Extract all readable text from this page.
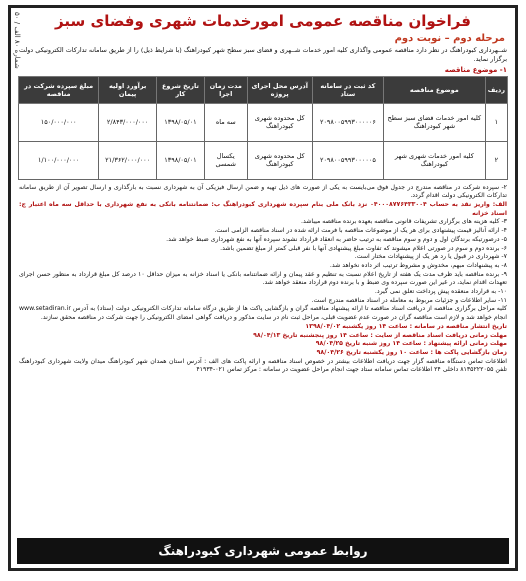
شماره ۸۰ الف / ۵۰
فراخوان مناقصه عمومی امورخدمات شهری وفضای سبز
مرحله دوم – نوبت دوم
شــهرداری کبودراهنگ در نظر دارد مناقصه عمومی واگذاری کلیه امور خدمات شــهری و فضای سبز سطح شهر کبودراهنگ (با شرایط ذیل) را از طریق سامانه تدارکات الکترونیکی دولت برگزار نماید.
۱- موضوع مناقصه
ردیف	موضوع مناقصه	کد ثبت در سامانه ستاد	آدرس محل اجرای پروژه	مدت زمان اجرا	تاریخ شروع کار	برآورد اولیه پیمان	مبلغ سپرده شرکت در مناقصه
۱	کلیه امور خدمات فضای سبز سطح شهر کبودراهنگ	۲۰۹۸۰۰۵۹۹۳۰۰۰۰۰۶	کل محدوده شهری کبودراهنگ	سه ماه	۱۳۹۸/۰۵/۰۱	۲/۸۴۳/۰۰۰/۰۰۰	۱۵۰/۰۰۰/۰۰۰
۲	کلیه امور خدمات شهری شهر کبودراهنگ	۲۰۹۸۰۰۵۹۹۳۰۰۰۰۰۵	کل محدوده شهری کبودراهنگ	یکسال شمسی	۱۳۹۸/۰۵/۰۱	۲۱/۳۶۲/۰۰۰/۰۰۰	۱/۱۰۰/۰۰۰/۰۰۰
۲- سپرده شرکت در مناقصه مندرج در جدول فوق می‌بایست به یکی از صورت های ذیل تهیه و ضمن ارسال فیزیکی آن به شهرداری نسبت به بارگذاری و ارسال تصویر آن از طریق سامانه تدارکات الکترونیکی دولت اقدام گردد.
الف: واریز نقد به حساب ۰۴۰۰۰۸۷۷۶۴۳۳۰۰۴ نزد بانک ملی بنام سپرده شهرداری کبودراهنگ ب: ضمانتنامه بانکی به نفع شهرداری با حداقل سه ماه اعتبار ج: اسناد خزانه
۳- کلیه هزینه های برگزاری تشریفات قانونی مناقصه بعهده برنده مناقصه میباشد.
۴- ارائه آنالیز قیمت پیشنهادی برای هر یک از موضوعات مناقصه با فرمت ارائه شده در اسناد مناقصه الزامی است.
۵- درصورتیکه برندگان اول و دوم و سوم مناقصه به ترتیب حاضر به انعقاد قرارداد نشوند سپرده آنها به نفع شهرداری ضبط خواهد شد.
۶- برنده دوم و سوم در صورتی اعلام میشوند که تفاوت مبلغ پیشنهادی آنها با نفر قبلی کمتر از مبلغ تضمین باشد.
۷- شهرداری در قبول یا رد هر یک از پیشنهادات مختار است.
۸- به پیشنهادات مبهم، مخدوش و مشروط ترتیب اثر داده نخواهد شد.
۹- برنده مناقصه باید ظرف مدت یک هفته از تاریخ اعلام نسبت به تنظیم و عقد پیمان و ارائه ضمانتنامه بانکی یا اسناد خزانه به میزان حداقل ۱۰ درصد کل مبلغ قرارداد به منظور حسن اجرای تعهدات اقدام نماید، در غیر این صورت سپرده وی ضبط و با برنده دوم قرارداد منعقد خواهد شد.
۱۰- به قرارداد منعقده پیش پرداخت تعلق نمی گیرد.
۱۱- سایر اطلاعات و جزئیات مربوط به معامله در اسناد مناقصه مندرج است.
کلیه مراحل برگزاری مناقصه از دریافت اسناد مناقصه تا ارائه پیشنهاد مناقصه گران و بازگشایی پاکت ها از طریق درگاه سامانه تدارکات الکترونیکی دولت (ستاد) به آدرس www.setadiran.ir انجام خواهد شد و لازم است مناقصه گران در صورت عدم عضویت قبلی، مراحل ثبت نام در سایت مذکور و دریافت گواهی امضای الکترونیکی را جهت شرکت در مناقصه محقق سازند.
تاریخ انتشار مناقصه در سامانه : ساعت ۱۴ روز یکشنبه ۱۳۹۸/۰۴/۰۲
مهلت زمانی دریافت اسناد مناقصه از سایت : ساعت ۱۴ روز پنجشنبه تاریخ ۹۸/۰۴/۱۳
مهلت زمانی ارائه پیشنهاد : ساعت ۱۴ روز شنبه تاریخ ۹۸/۰۴/۲۵
زمان بازگشایی پاکت ها : ساعت ۱۰ روز یکشنبه تاریخ ۹۸/۰۴/۲۶
اطلاعات تماس دستگاه مناقصه گزار جهت دریافت اطلاعات بیشتر در خصوص اسناد مناقصه و ارائه پاکت های الف : آدرس استان همدان شهر کبودراهنگ میدان ولایت شهرداری کبودراهنگ تلفن ۸۱۳۵۲۲۲۰۵۵ داخلی ۲۴ اطلاعات تماس سامانه ستاد جهت انجام مراحل عضویت در سامانه : مرکز تماس ۰۲۱-۴۱۹۳۴
روابط عمومی شهرداری کبودراهنگ
